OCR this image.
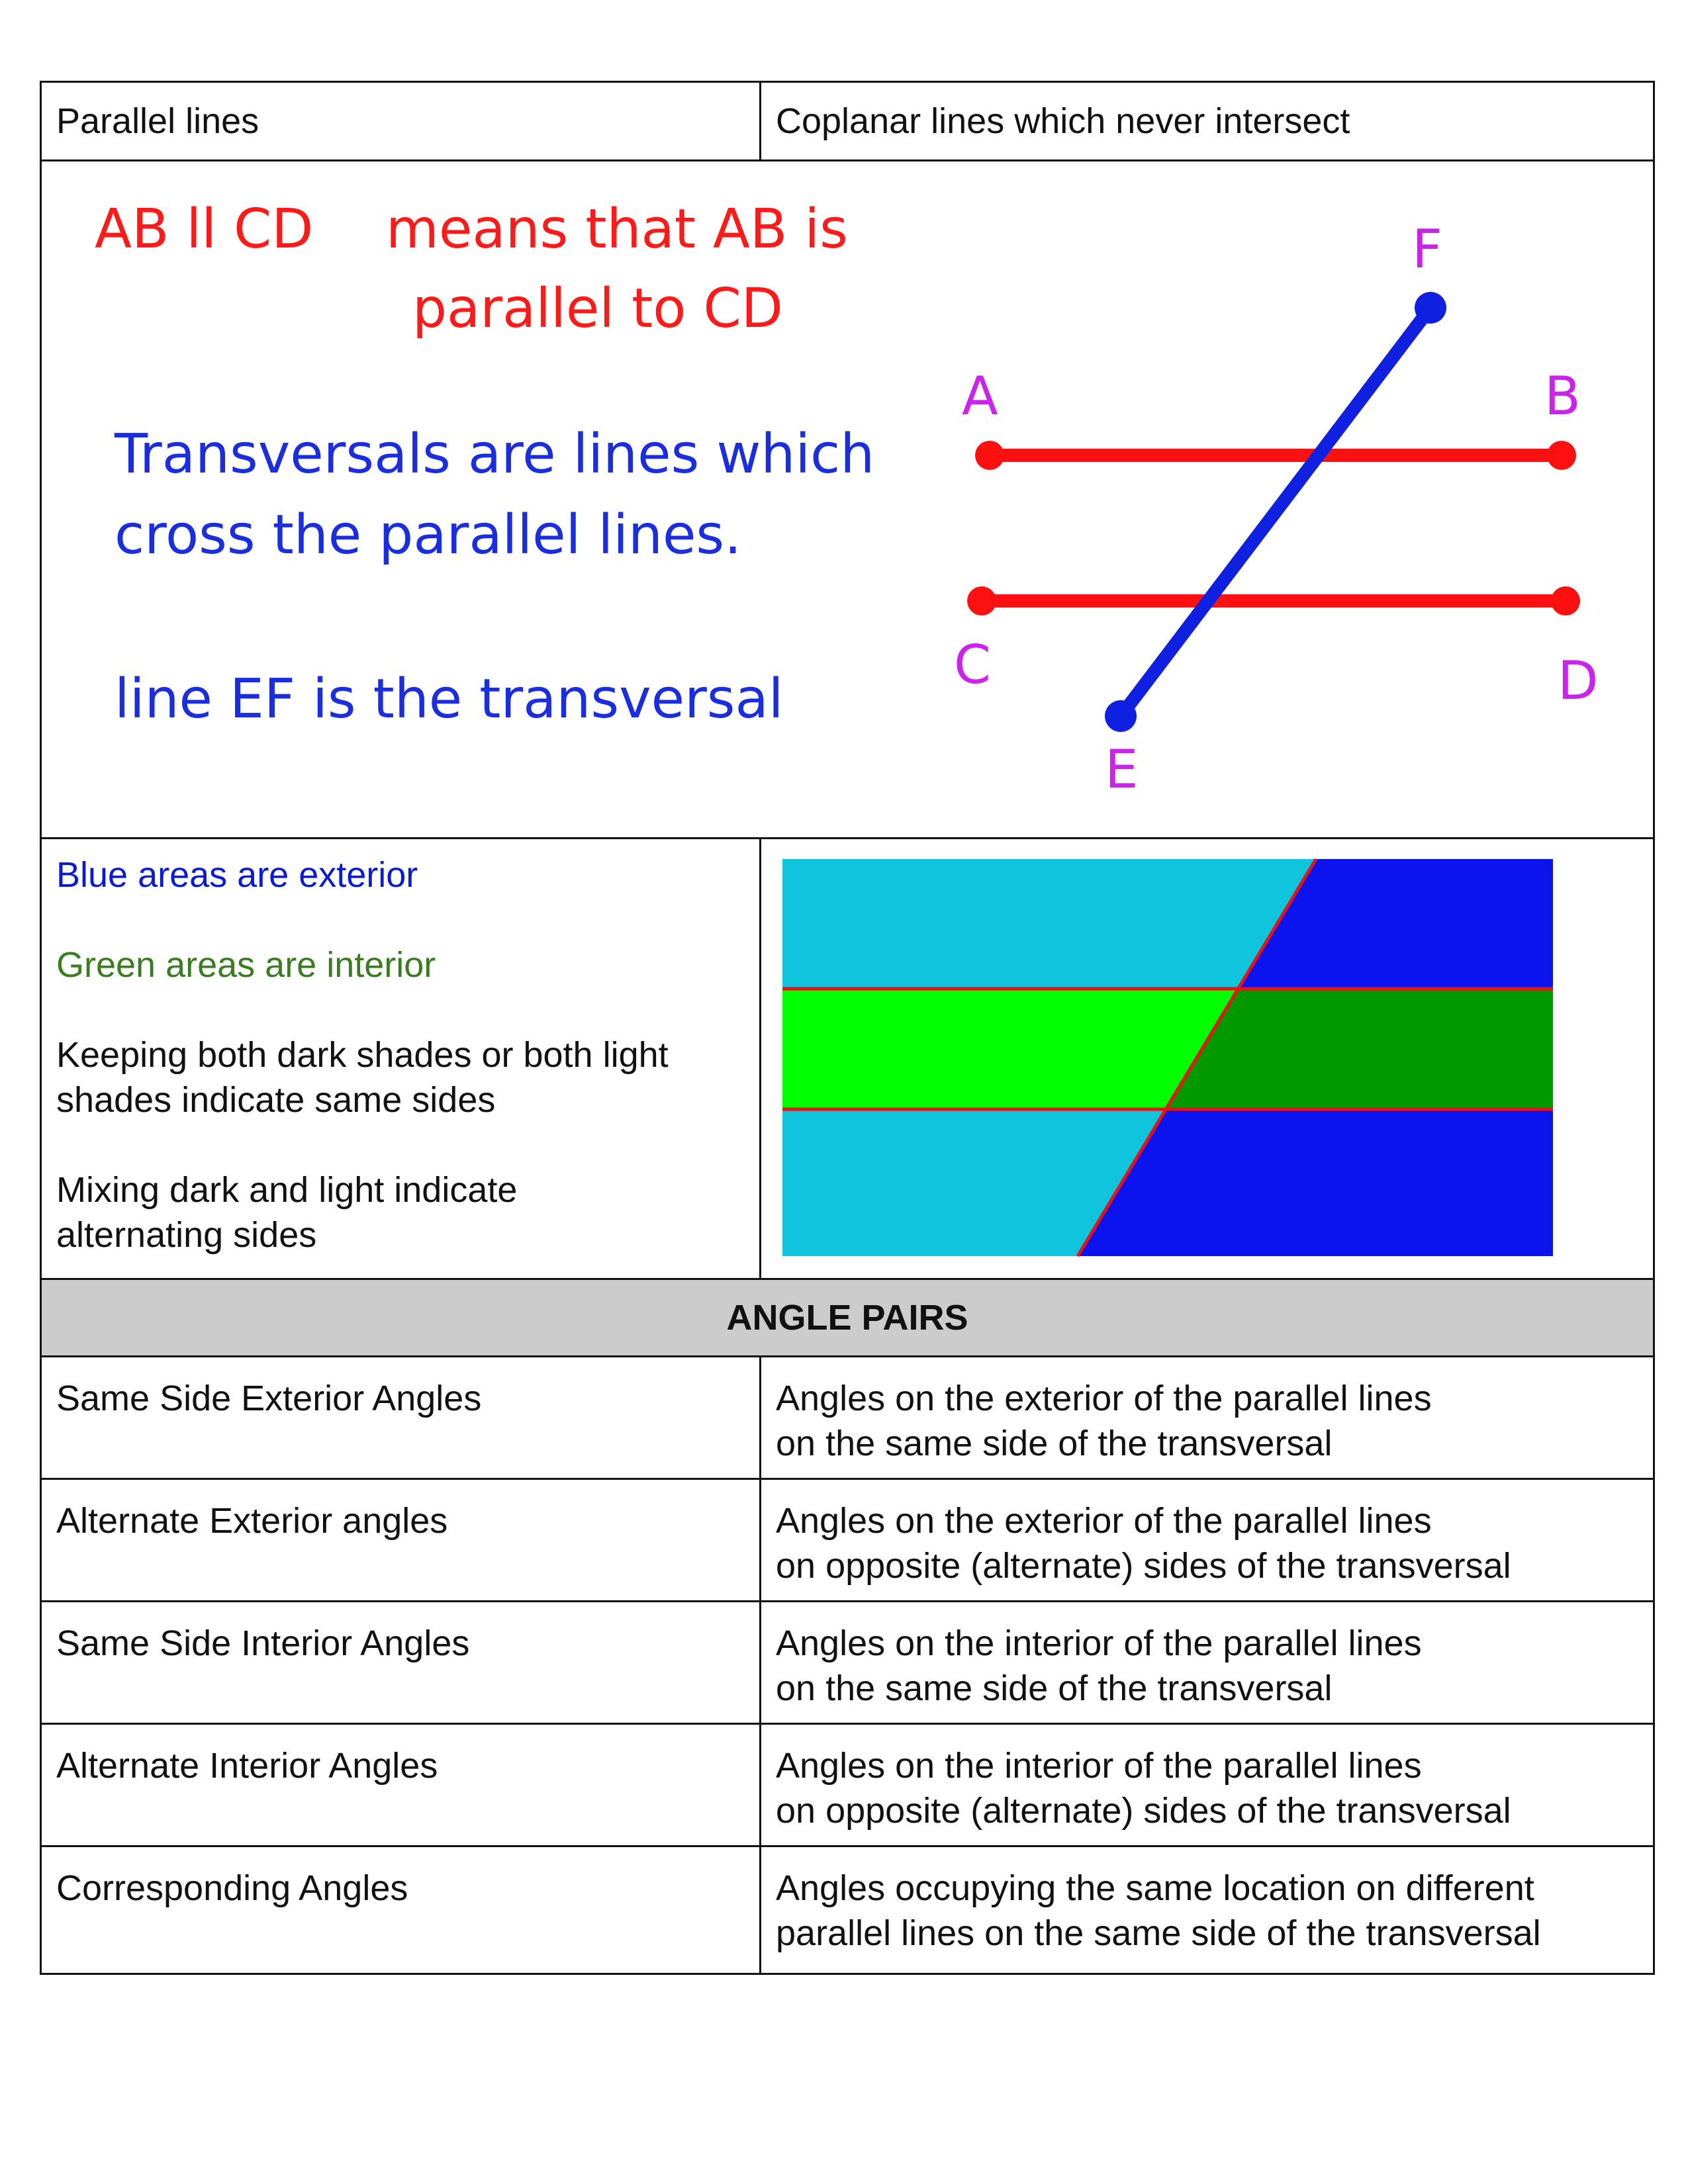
Parallel lines	Coplanar lines which never intersect
AB ll CD means that AB is
parallel to CD
Transversals are lines which
cross the parallel lines.
line EF is the transversal
A	B
C	D
E
F
Blue areas are exterior
Green areas are interior
Keeping both dark shades or both light
shades indicate same sides
Mixing dark and light indicate
alternating sides
ANGLE PAIRS
Same Side Exterior Angles	Angles on the exterior of the parallel lines
on the same side of the transversal
Alternate Exterior angles	Angles on the exterior of the parallel lines
on opposite (alternate) sides of the transversal
Same Side Interior Angles	Angles on the interior of the parallel lines
on the same side of the transversal
Alternate Interior Angles	Angles on the interior of the parallel lines
on opposite (alternate) sides of the transversal
Corresponding Angles	Angles occupying the same location on different
parallel lines on the same side of the transversal
